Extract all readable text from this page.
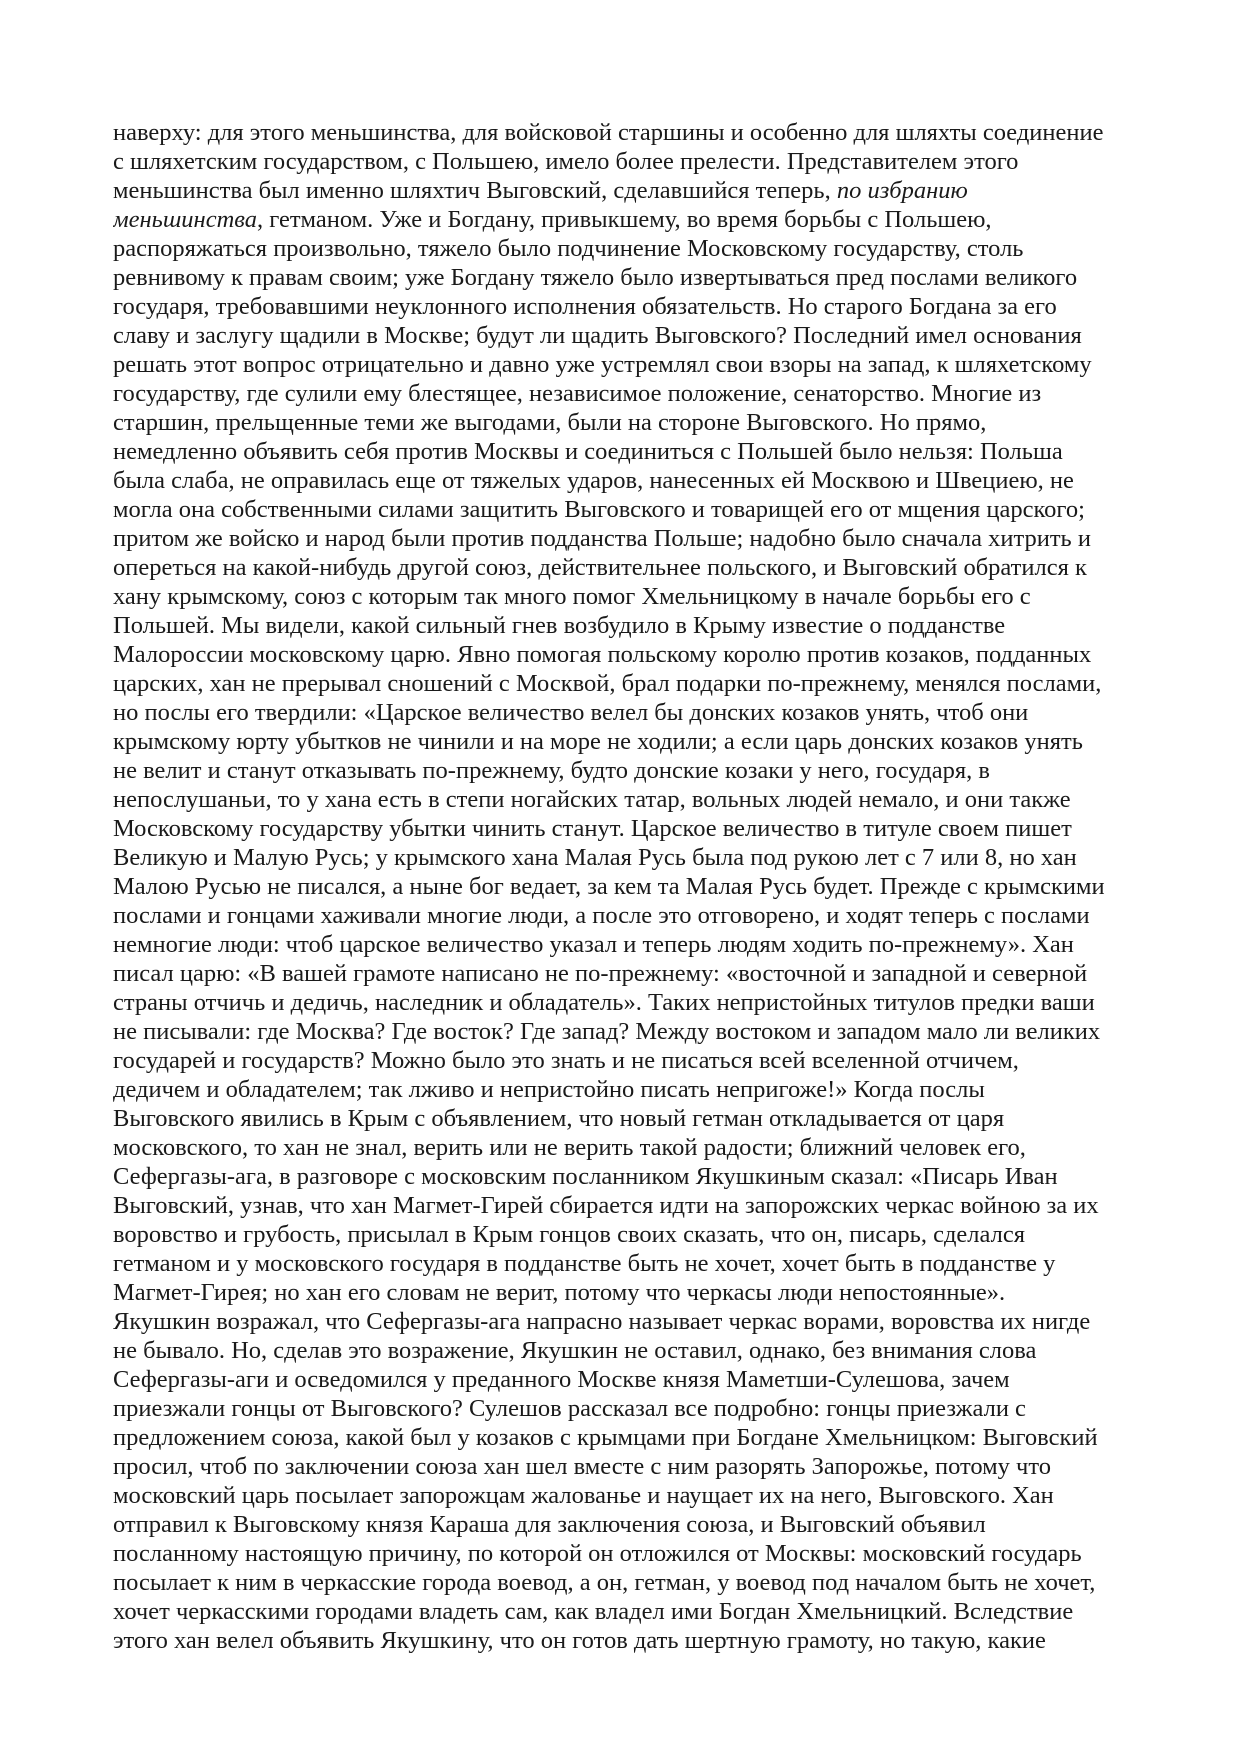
наверху: для этого меньшинства, для войсковой старшины и особенно для шляхты соединение
с шляхетским государством, с Польшею, имело более прелести. Представителем этого
меньшинства был именно шляхтич Выговский, сделавшийся теперь, по избранию
меньшинства, гетманом. Уже и Богдану, привыкшему, во время борьбы с Польшею,
распоряжаться произвольно, тяжело было подчинение Московскому государству, столь
ревнивому к правам своим; уже Богдану тяжело было извертываться пред послами великого
государя, требовавшими неуклонного исполнения обязательств. Но старого Богдана за его
славу и заслугу щадили в Москве; будут ли щадить Выговского? Последний имел основания
решать этот вопрос отрицательно и давно уже устремлял свои взоры на запад, к шляхетскому
государству, где сулили ему блестящее, независимое положение, сенаторство. Многие из
старшин, прельщенные теми же выгодами, были на стороне Выговского. Но прямо,
немедленно объявить себя против Москвы и соединиться с Польшей было нельзя: Польша
была слаба, не оправилась еще от тяжелых ударов, нанесенных ей Москвою и Швециею, не
могла она собственными силами защитить Выговского и товарищей его от мщения царского;
притом же войско и народ были против подданства Польше; надобно было сначала хитрить и
опереться на какой-нибудь другой союз, действительнее польского, и Выговский обратился к
хану крымскому, союз с которым так много помог Хмельницкому в начале борьбы его с
Польшей. Мы видели, какой сильный гнев возбудило в Крыму известие о подданстве
Малороссии московскому царю. Явно помогая польскому королю против козаков, подданных
царских, хан не прерывал сношений с Москвой, брал подарки по-прежнему, менялся послами,
но послы его твердили: «Царское величество велел бы донских козаков унять, чтоб они
крымскому юрту убытков не чинили и на море не ходили; а если царь донских козаков унять
не велит и станут отказывать по-прежнему, будто донские козаки у него, государя, в
непослушаньи, то у хана есть в степи ногайских татар, вольных людей немало, и они также
Московскому государству убытки чинить станут. Царское величество в титуле своем пишет
Великую и Малую Русь; у крымского хана Малая Русь была под рукою лет с 7 или 8, но хан
Малою Русью не писался, а ныне бог ведает, за кем та Малая Русь будет. Прежде с крымскими
послами и гонцами хаживали многие люди, а после это отговорено, и ходят теперь с послами
немногие люди: чтоб царское величество указал и теперь людям ходить по-прежнему». Хан
писал царю: «В вашей грамоте написано не по-прежнему: «восточной и западной и северной
страны отчичь и дедичь, наследник и обладатель». Таких непристойных титулов предки ваши
не писывали: где Москва? Где восток? Где запад? Между востоком и западом мало ли великих
государей и государств? Можно было это знать и не писаться всей вселенной отчичем,
дедичем и обладателем; так лживо и непристойно писать непригоже!» Когда послы
Выговского явились в Крым с объявлением, что новый гетман откладывается от царя
московского, то хан не знал, верить или не верить такой радости; ближний человек его,
Сефергазы-ага, в разговоре с московским посланником Якушкиным сказал: «Писарь Иван
Выговский, узнав, что хан Магмет-Гирей сбирается идти на запорожских черкас войною за их
воровство и грубость, присылал в Крым гонцов своих сказать, что он, писарь, сделался
гетманом и у московского государя в подданстве быть не хочет, хочет быть в подданстве у
Магмет-Гирея; но хан его словам не верит, потому что черкасы люди непостоянные».
Якушкин возражал, что Сефергазы-ага напрасно называет черкас ворами, воровства их нигде
не бывало. Но, сделав это возражение, Якушкин не оставил, однако, без внимания слова
Сефергазы-аги и осведомился у преданного Москве князя Маметши-Сулешова, зачем
приезжали гонцы от Выговского? Сулешов рассказал все подробно: гонцы приезжали с
предложением союза, какой был у козаков с крымцами при Богдане Хмельницком: Выговский
просил, чтоб по заключении союза хан шел вместе с ним разорять Запорожье, потому что
московский царь посылает запорожцам жалованье и наущает их на него, Выговского. Хан
отправил к Выговскому князя Караша для заключения союза, и Выговский объявил
посланному настоящую причину, по которой он отложился от Москвы: московский государь
посылает к ним в черкасские города воевод, а он, гетман, у воевод под началом быть не хочет,
хочет черкасскими городами владеть сам, как владел ими Богдан Хмельницкий. Вследствие
этого хан велел объявить Якушкину, что он готов дать шертную грамоту, но такую, какие
